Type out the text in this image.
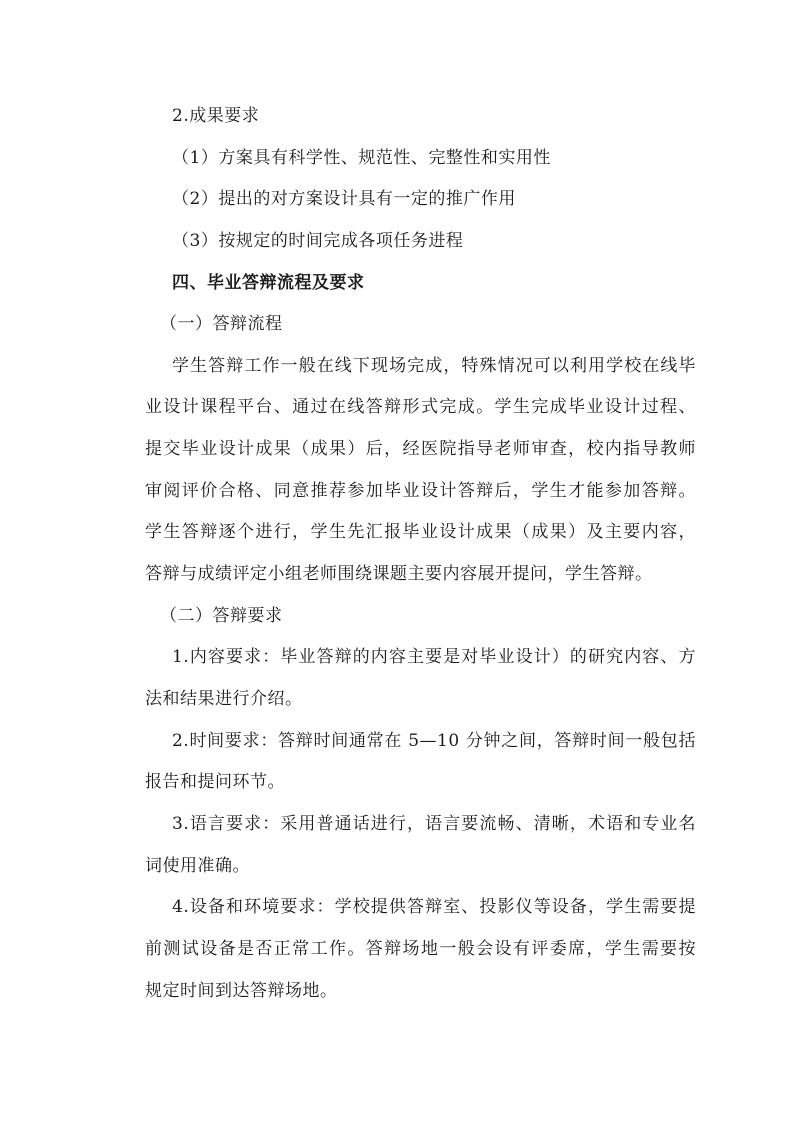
2.成果要求
（1）方案具有科学性、规范性、完整性和实用性
（2）提出的对方案设计具有一定的推广作用
（3）按规定的时间完成各项任务进程
四、毕业答辩流程及要求
（一）答辩流程
学生答辩工作一般在线下现场完成，特殊情况可以利用学校在线毕
业设计课程平台、通过在线答辩形式完成。学生完成毕业设计过程、
提交毕业设计成果（成果）后，经医院指导老师审查，校内指导教师
审阅评价合格、同意推荐参加毕业设计答辩后，学生才能参加答辩。
学生答辩逐个进行，学生先汇报毕业设计成果（成果）及主要内容，
答辩与成绩评定小组老师围绕课题主要内容展开提问，学生答辩。
（二）答辩要求
1.内容要求：毕业答辩的内容主要是对毕业设计）的研究内容、方
法和结果进行介绍。
2.时间要求：答辩时间通常在 5—10 分钟之间，答辩时间一般包括
报告和提问环节。
3.语言要求：采用普通话进行，语言要流畅、清晰，术语和专业名
词使用准确。
4.设备和环境要求：学校提供答辩室、投影仪等设备，学生需要提
前测试设备是否正常工作。答辩场地一般会设有评委席，学生需要按
规定时间到达答辩场地。
